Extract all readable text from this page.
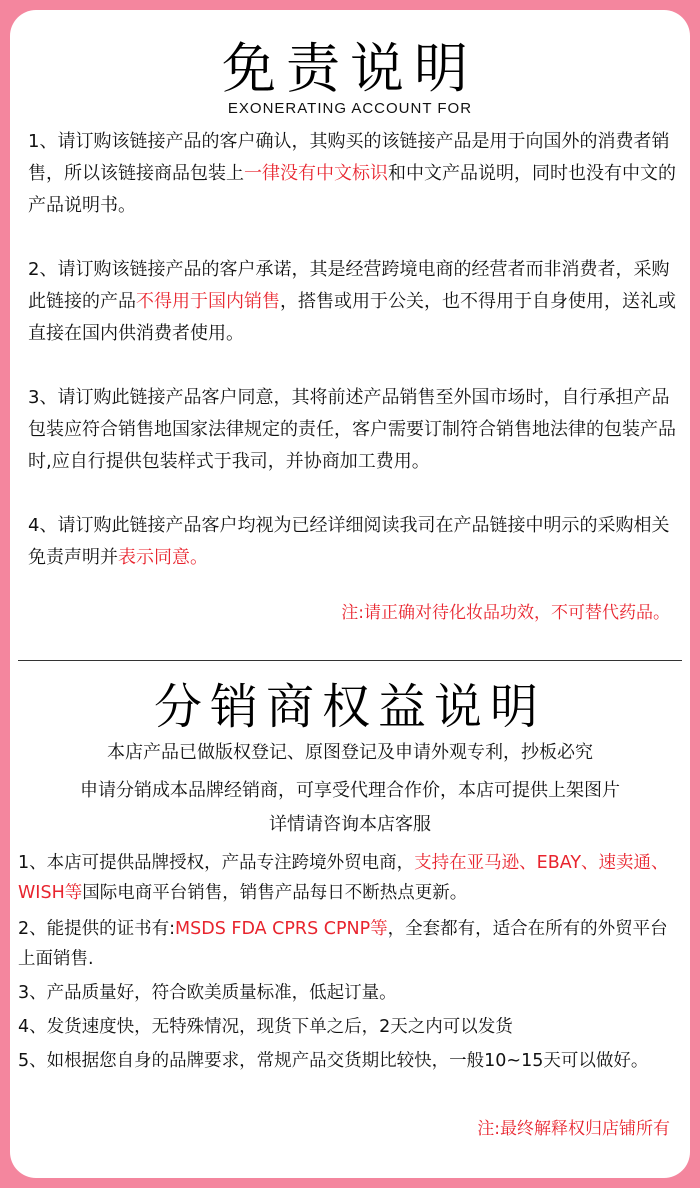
免责说明
EXONERATING ACCOUNT FOR
1、请订购该链接产品的客户确认，其购买的该链接产品是用于向国外的消费者销售，所以该链接商品包装上一律没有中文标识和中文产品说明，同时也没有中文的产品说明书。
2、请订购该链接产品的客户承诺，其是经营跨境电商的经营者而非消费者，采购此链接的产品不得用于国内销售，搭售或用于公关，也不得用于自身使用，送礼或直接在国内供消费者使用。
3、请订购此链接产品客户同意，其将前述产品销售至外国市场时，自行承担产品包装应符合销售地国家法律规定的责任，客户需要订制符合销售地法律的包装产品时,应自行提供包装样式于我司，并协商加工费用。
4、请订购此链接产品客户均视为已经详细阅读我司在产品链接中明示的采购相关免责声明并表示同意。
注:请正确对待化妆品功效，不可替代药品。
分销商权益说明
本店产品已做版权登记、原图登记及申请外观专利，抄板必究
申请分销成本品牌经销商，可享受代理合作价，本店可提供上架图片
详情请咨询本店客服
1、本店可提供品牌授权，产品专注跨境外贸电商，支持在亚马逊、EBAY、速卖通、WISH等国际电商平台销售，销售产品每日不断热点更新。
2、能提供的证书有:MSDS FDA CPRS CPNP等，全套都有，适合在所有的外贸平台上面销售.
3、产品质量好，符合欧美质量标准，低起订量。
4、发货速度快，无特殊情况，现货下单之后，2天之内可以发货
5、如根据您自身的品牌要求，常规产品交货期比较快，一般10~15天可以做好。
注:最终解释权归店铺所有
